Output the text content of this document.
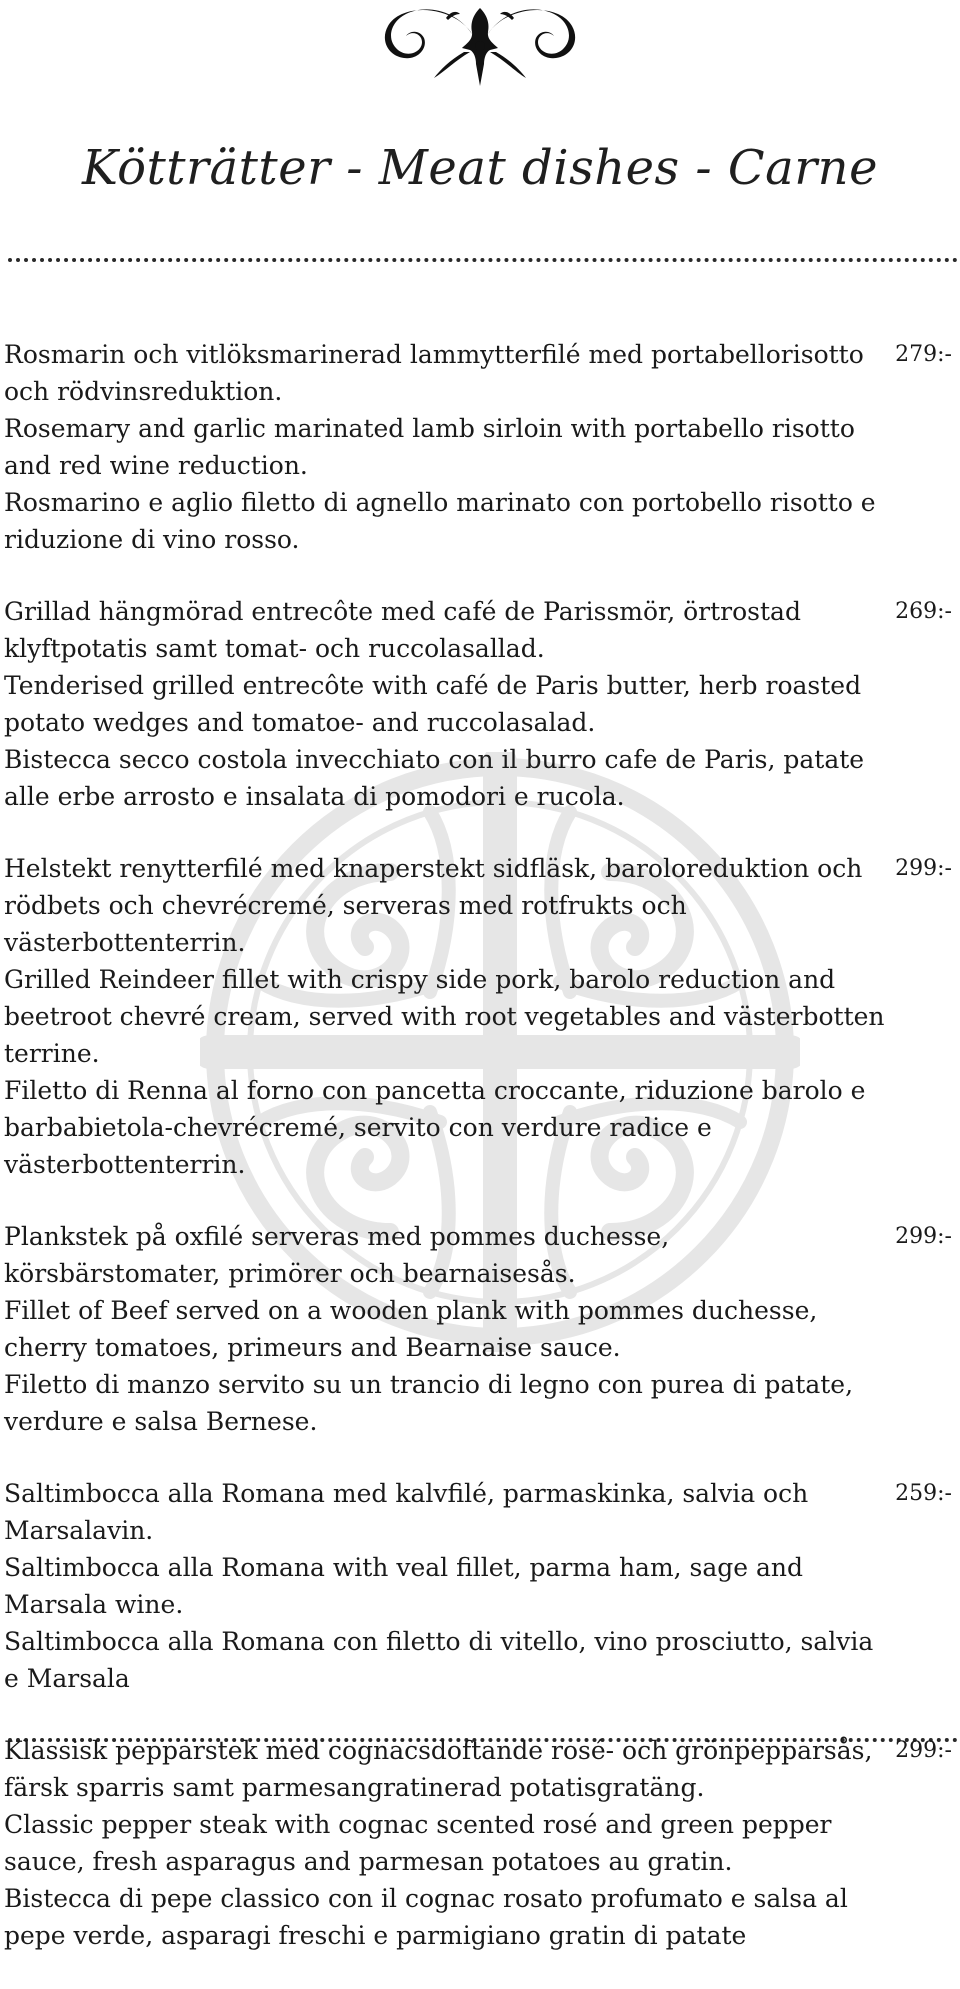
Kötträtter - Meat dishes - Carne
279:-

Rosmarin och vitlöksmarinerad lammytterfilé med portabellorisotto och rödvinsreduktion.

Rosemary and garlic marinated lamb sirloin with portabello risotto and red wine reduction.

Rosmarino e aglio filetto di agnello marinato con portobello risotto e riduzione di vino rosso.

269:-

Grillad hängmörad entrecôte med café de Parissmör, örtrostad klyftpotatis samt tomat- och ruccolasallad.

Tenderised grilled entrecôte with café de Paris butter, herb roasted potato wedges and tomatoe- and ruccolasalad.

Bistecca secco costola invecchiato con il burro cafe de Paris, patate alle erbe arrosto e insalata di pomodori e rucola.

299:-

Helstekt renytterfilé med knaperstekt sidfläsk, baroloreduktion och rödbets och chevrécremé, serveras med rotfrukts och västerbottenterrin.

Grilled Reindeer fillet with crispy side pork, barolo reduction and beetroot chevré cream, served with root vegetables and västerbotten terrine.

Filetto di Renna al forno con pancetta croccante, riduzione barolo e barbabietola-chevrécremé, servito con verdure radice e västerbottenterrin.

299:-

Plankstek på oxfilé serveras med pommes duchesse, körsbärstomater, primörer och bearnaisesås.

Fillet of Beef served on a wooden plank with pommes duchesse, cherry tomatoes, primeurs and Bearnaise sauce.

Filetto di manzo servito su un trancio di legno con purea di patate, verdure e salsa Bernese.

259:-

Saltimbocca alla Romana med kalvfilé, parmaskinka, salvia och Marsalavin.

Saltimbocca alla Romana with veal fillet, parma ham, sage and Marsala wine.

Saltimbocca alla Romana con filetto di vitello, vino prosciutto, salvia e Marsala

299:-

Klassisk pepparstek med cognacsdoftande rosé- och grönpepparsås, färsk sparris samt parmesangratinerad potatisgratäng.

Classic pepper steak with cognac scented rosé and green pepper sauce, fresh asparagus and parmesan potatoes au gratin.

Bistecca di pepe classico con il cognac rosato profumato e salsa al pepe verde, asparagi freschi e parmigiano gratin di patate
